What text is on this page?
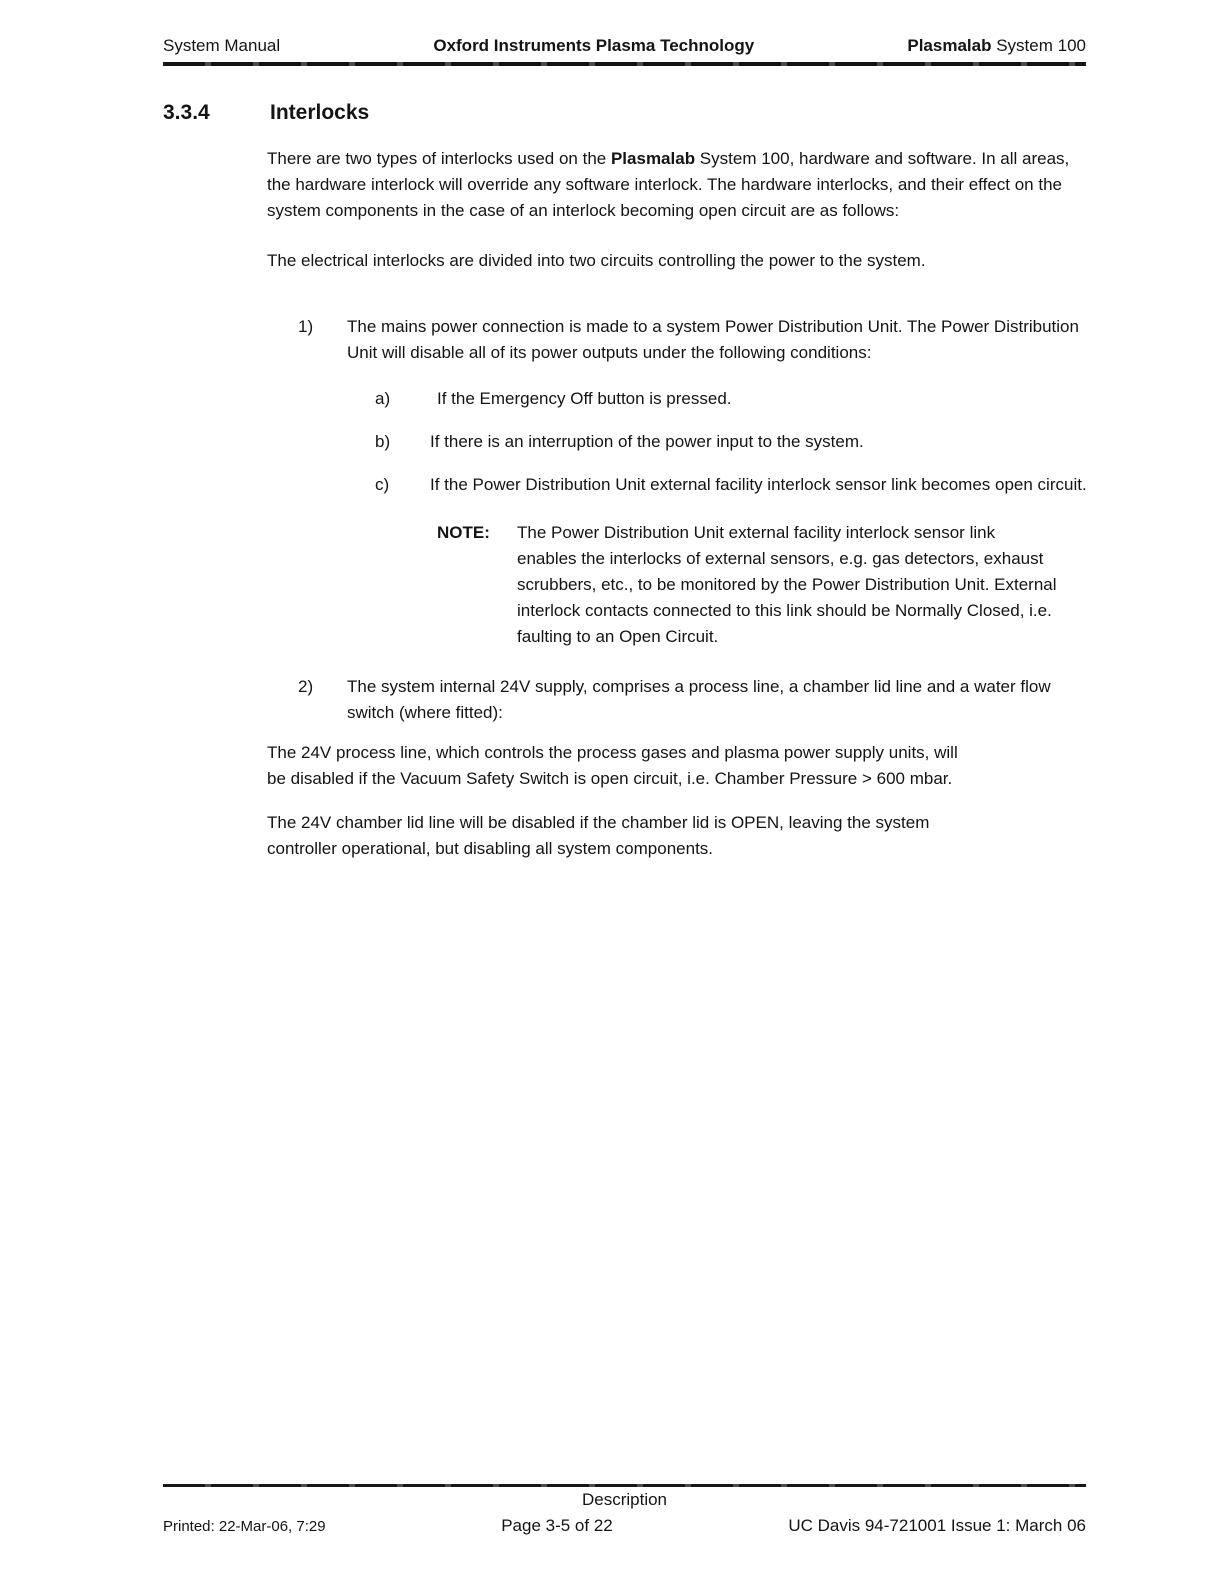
System Manual	Oxford Instruments Plasma Technology	Plasmalab System 100
3.3.4	Interlocks

There are two types of interlocks used on the Plasmalab System 100, hardware and software. In all areas, the hardware interlock will override any software interlock. The hardware interlocks, and their effect on the system components in the case of an interlock becoming open circuit are as follows:

The electrical interlocks are divided into two circuits controlling the power to the system.

1) The mains power connection is made to a system Power Distribution Unit. The Power Distribution Unit will disable all of its power outputs under the following conditions:
a)	If the Emergency Off button is pressed.
b) If there is an interruption of the power input to the system.
c) If the Power Distribution Unit external facility interlock sensor link becomes open circuit.
NOTE: The Power Distribution Unit external facility interlock sensor link enables the interlocks of external sensors, e.g. gas detectors, exhaust scrubbers, etc., to be monitored by the Power Distribution Unit. External interlock contacts connected to this link should be Normally Closed, i.e. faulting to an Open Circuit.
2) The system internal 24V supply, comprises a process line, a chamber lid line and a water flow switch (where fitted):

The 24V process line, which controls the process gases and plasma power supply units, will be disabled if the Vacuum Safety Switch is open circuit, i.e. Chamber Pressure > 600 mbar.

The 24V chamber lid line will be disabled if the chamber lid is OPEN, leaving the system controller operational, but disabling all system components.

Description
Printed: 22-Mar-06, 7:29	Page 3-5 of 22	UC Davis 94-721001 Issue 1: March 06
